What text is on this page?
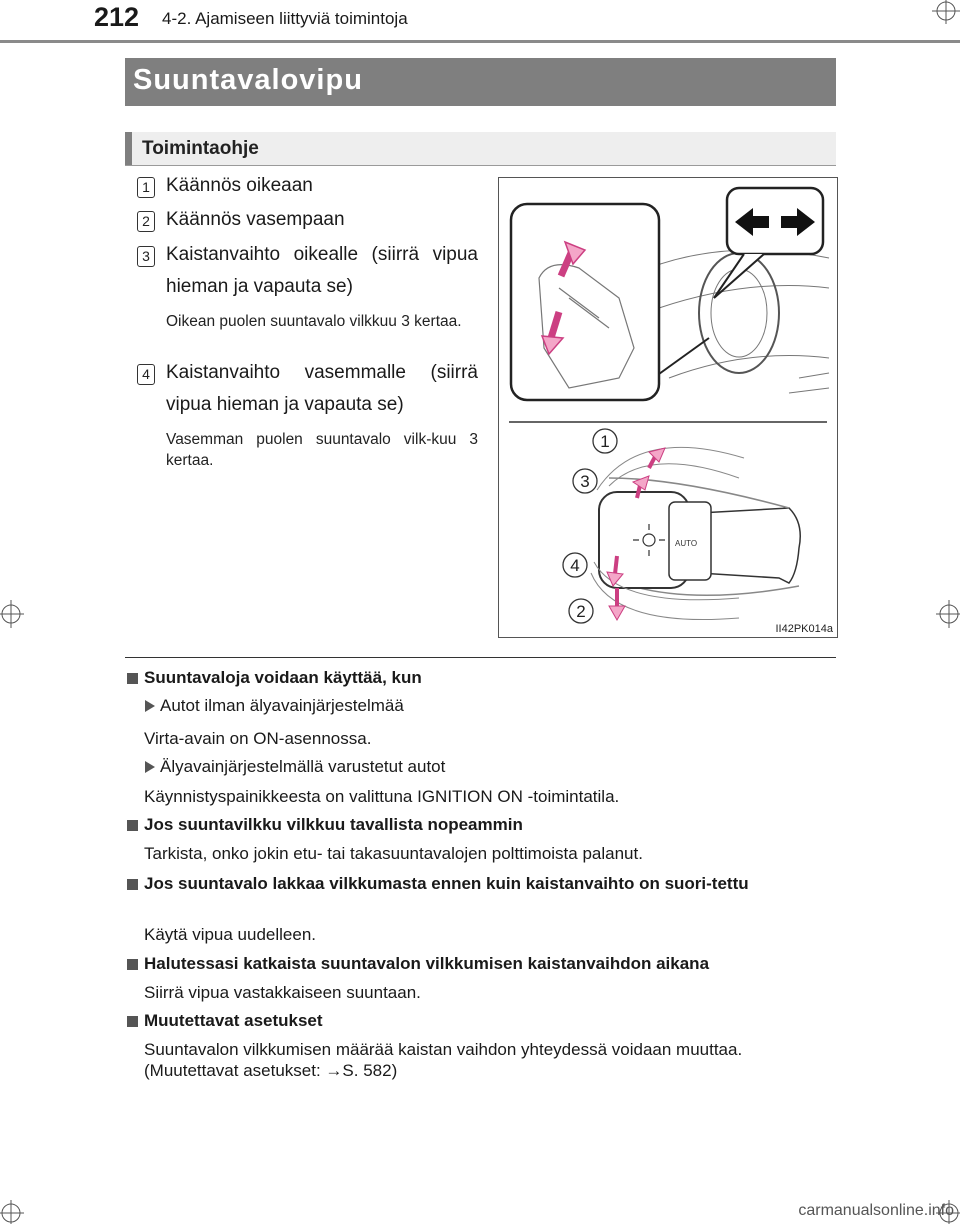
212 4-2. Ajamiseen liittyviä toimintoja
Suuntavalovipu
Toimintaohje
1 Käännös oikeaan
2 Käännös vasempaan
3 Kaistanvaihto oikealle (siirrä vipua hieman ja vapauta se)
Oikean puolen suuntavalo vilkkuu 3 kertaa.
4 Kaistanvaihto vasemmalle (siirrä vipua hieman ja vapauta se)
Vasemman puolen suuntavalo vilk-kuu 3 kertaa.
AUTO
1
3
4
2
II42PK014a
Suuntavaloja voidaan käyttää, kun
Autot ilman älyavainjärjestelmää
Virta-avain on ON-asennossa.
Älyavainjärjestelmällä varustetut autot
Käynnistyspainikkeesta on valittuna IGNITION ON -toimintatila.
Jos suuntavilkku vilkkuu tavallista nopeammin
Tarkista, onko jokin etu- tai takasuuntavalojen polttimoista palanut.
Jos suuntavalo lakkaa vilkkumasta ennen kuin kaistanvaihto on suori-tettu
Käytä vipua uudelleen.
Halutessasi katkaista suuntavalon vilkkumisen kaistanvaihdon aikana
Siirrä vipua vastakkaiseen suuntaan.
Muutettavat asetukset
Suuntavalon vilkkumisen määrää kaistan vaihdon yhteydessä voidaan muuttaa.
(Muutettavat asetukset: →S. 582)
carmanualsonline.info
